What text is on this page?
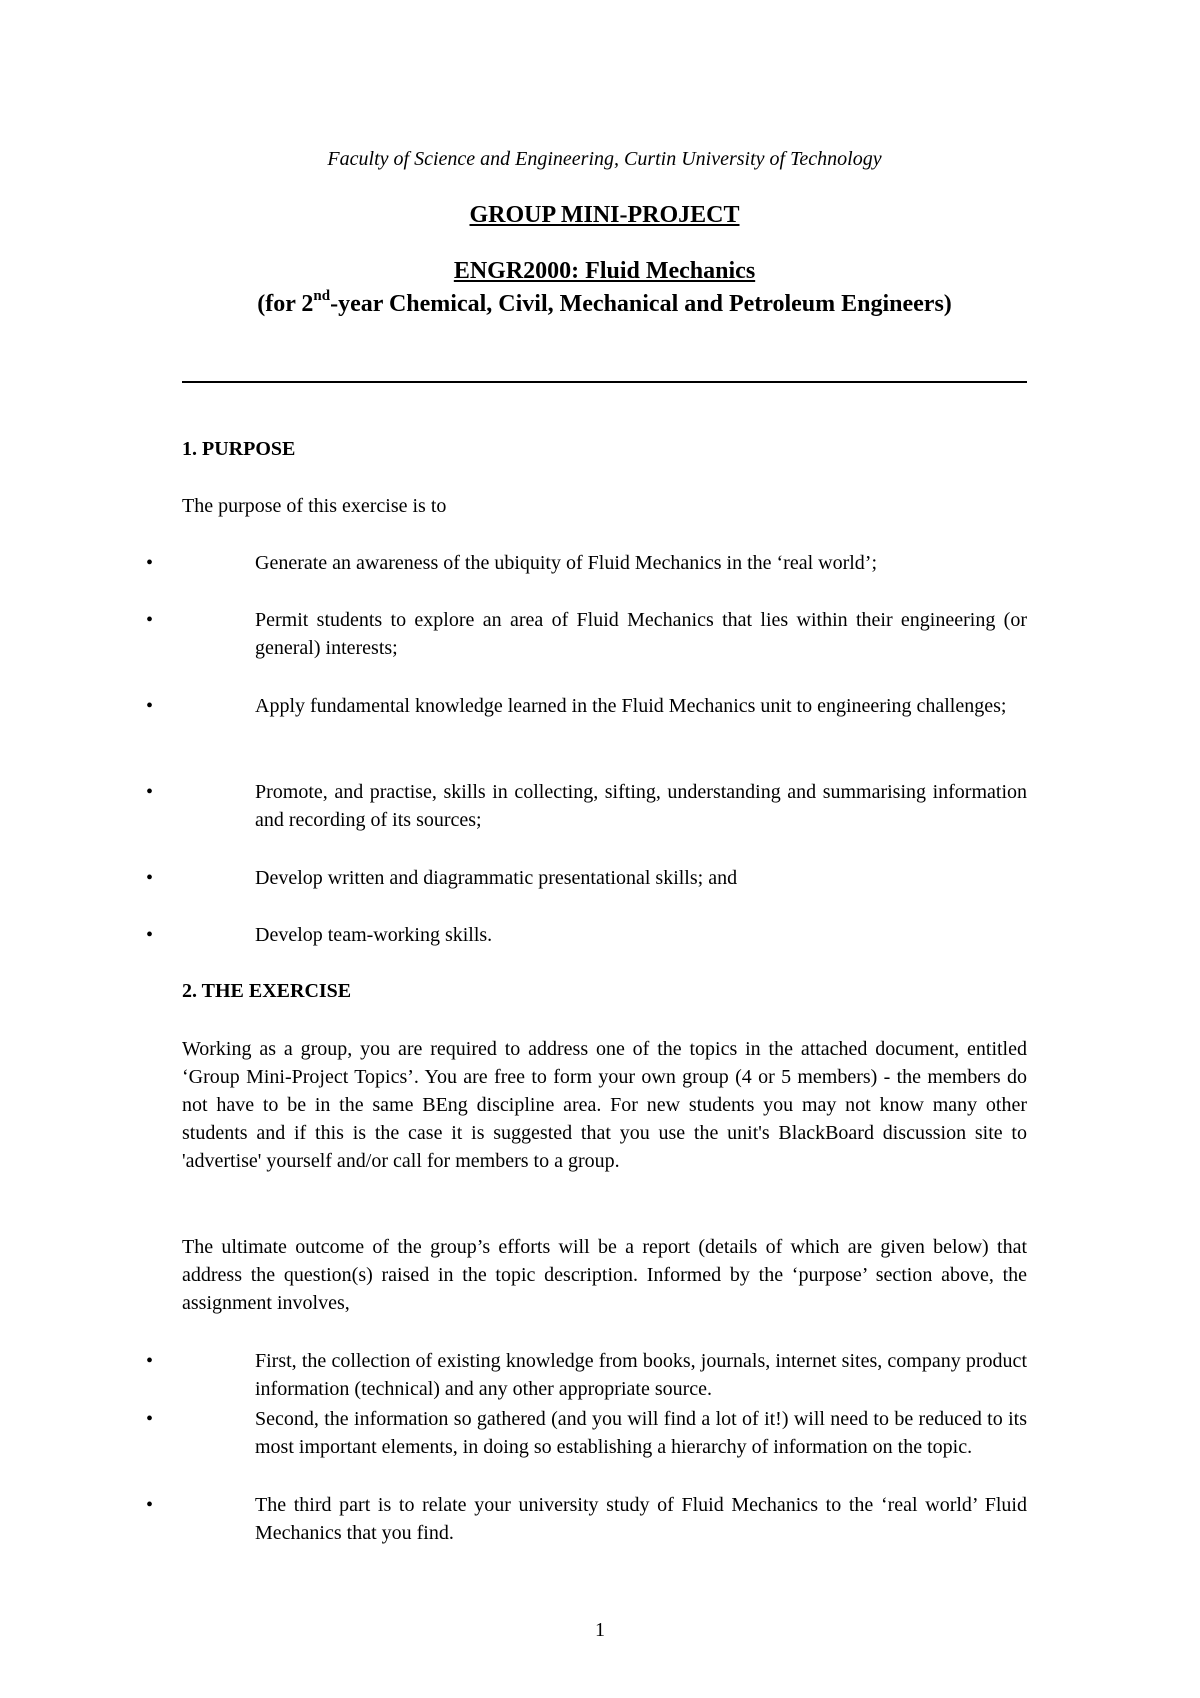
Faculty of Science and Engineering, Curtin University of Technology
GROUP MINI-PROJECT
ENGR2000: Fluid Mechanics
(for 2nd-year Chemical, Civil, Mechanical and Petroleum Engineers)
1. PURPOSE
The purpose of this exercise is to
•	Generate an awareness of the ubiquity of Fluid Mechanics in the ‘real world’;
•	Permit students to explore an area of Fluid Mechanics that lies within their engineering (or general) interests;
•	Apply fundamental knowledge learned in the Fluid Mechanics unit to engineering challenges;
•	Promote, and practise, skills in collecting, sifting, understanding and summarising information and recording of its sources;
•	Develop written and diagrammatic presentational skills; and
•	Develop team-working skills.
2. THE EXERCISE
Working as a group, you are required to address one of the topics in the attached document, entitled ‘Group Mini-Project Topics’. You are free to form your own group (4 or 5 members) - the members do not have to be in the same BEng discipline area. For new students you may not know many other students and if this is the case it is suggested that you use the unit's BlackBoard discussion site to 'advertise' yourself and/or call for members to a group.
The ultimate outcome of the group’s efforts will be a report (details of which are given below) that address the question(s) raised in the topic description. Informed by the ‘purpose’ section above, the assignment involves,
•	First, the collection of existing knowledge from books, journals, internet sites, company product information (technical) and any other appropriate source.
•	Second, the information so gathered (and you will find a lot of it!) will need to be reduced to its most important elements, in doing so establishing a hierarchy of information on the topic.
•	The third part is to relate your university study of Fluid Mechanics to the ‘real world’ Fluid Mechanics that you find.
1
